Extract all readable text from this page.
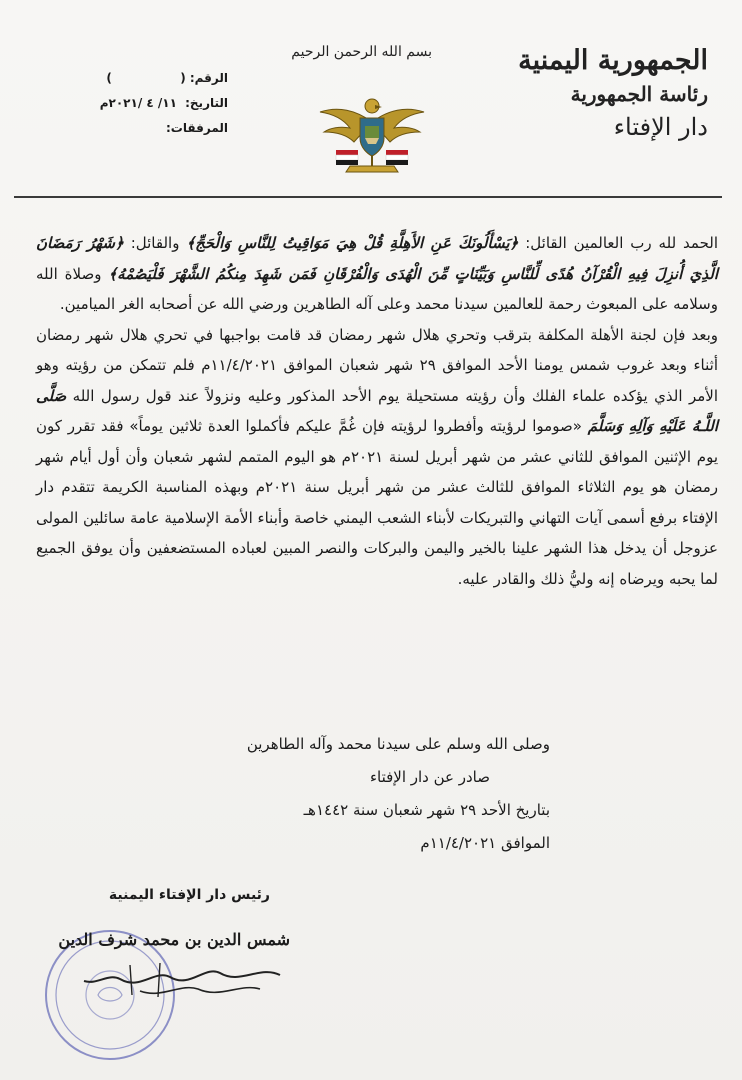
الجمهورية اليمنية
رئاسة الجمهورية
دار الإفتاء
بسم الله الرحمن الرحيم
الرقم: (  )
التاريخ: ١١/ ٤ /٢٠٢١م
المرفقات:

الحمد لله رب العالمين القائل: ﴿يَسْأَلُونَكَ عَنِ الأَهِلَّةِ قُلْ هِيَ مَوَاقِيتُ لِلنَّاسِ وَالْحَجِّ﴾ والقائل: ﴿شَهْرُ رَمَضَانَ الَّذِيَ أُنزِلَ فِيهِ الْقُرْآنُ هُدًى لِّلنَّاسِ وَبَيِّنَاتٍ مِّنَ الْهُدَى وَالْفُرْقَانِ فَمَن شَهِدَ مِنكُمُ الشَّهْرَ فَلْيَصُمْهُ﴾ وصلاة الله وسلامه على المبعوث رحمة للعالمين سيدنا محمد وعلى آله الطاهرين ورضي الله عن أصحابه الغر الميامين.

وبعد فإن لجنة الأهلة المكلفة بترقب وتحري هلال شهر رمضان قد قامت بواجبها في تحري هلال شهر رمضان أثناء وبعد غروب شمس يومنا الأحد الموافق ٢٩ شهر شعبان الموافق ١١/٤/٢٠٢١م فلم تتمكن من رؤيته وهو الأمر الذي يؤكده علماء الفلك وأن رؤيته مستحيلة يوم الأحد المذكور وعليه ونزولاً عند قول رسول الله صَلَّى اللَّـهُ عَلَيْهِ وَآلِهِ وَسَلَّمَ «صوموا لرؤيته وأفطروا لرؤيته فإن غُمَّ عليكم فأكملوا العدة ثلاثين يوماً» فقد تقرر كون يوم الإثنين الموافق للثاني عشر من شهر أبريل لسنة ٢٠٢١م هو اليوم المتمم لشهر شعبان وأن أول أيام شهر رمضان هو يوم الثلاثاء الموافق للثالث عشر من شهر أبريل سنة ٢٠٢١م وبهذه المناسبة الكريمة تتقدم دار الإفتاء برفع أسمى آيات التهاني والتبريكات لأبناء الشعب اليمني خاصة وأبناء الأمة الإسلامية عامة سائلين المولى عزوجل أن يدخل هذا الشهر علينا بالخير واليمن والبركات والنصر المبين لعباده المستضعفين وأن يوفق الجميع لما يحبه ويرضاه إنه وليُّ ذلك والقادر عليه.

وصلى الله وسلم على سيدنا محمد وآله الطاهرين
صادر عن دار الإفتاء
بتاريخ الأحد ٢٩ شهر شعبان سنة ١٤٤٢هـ
الموافق ١١/٤/٢٠٢١م
رئيس دار الإفتاء اليمنية
شمس الدين بن محمد شرف الدين
